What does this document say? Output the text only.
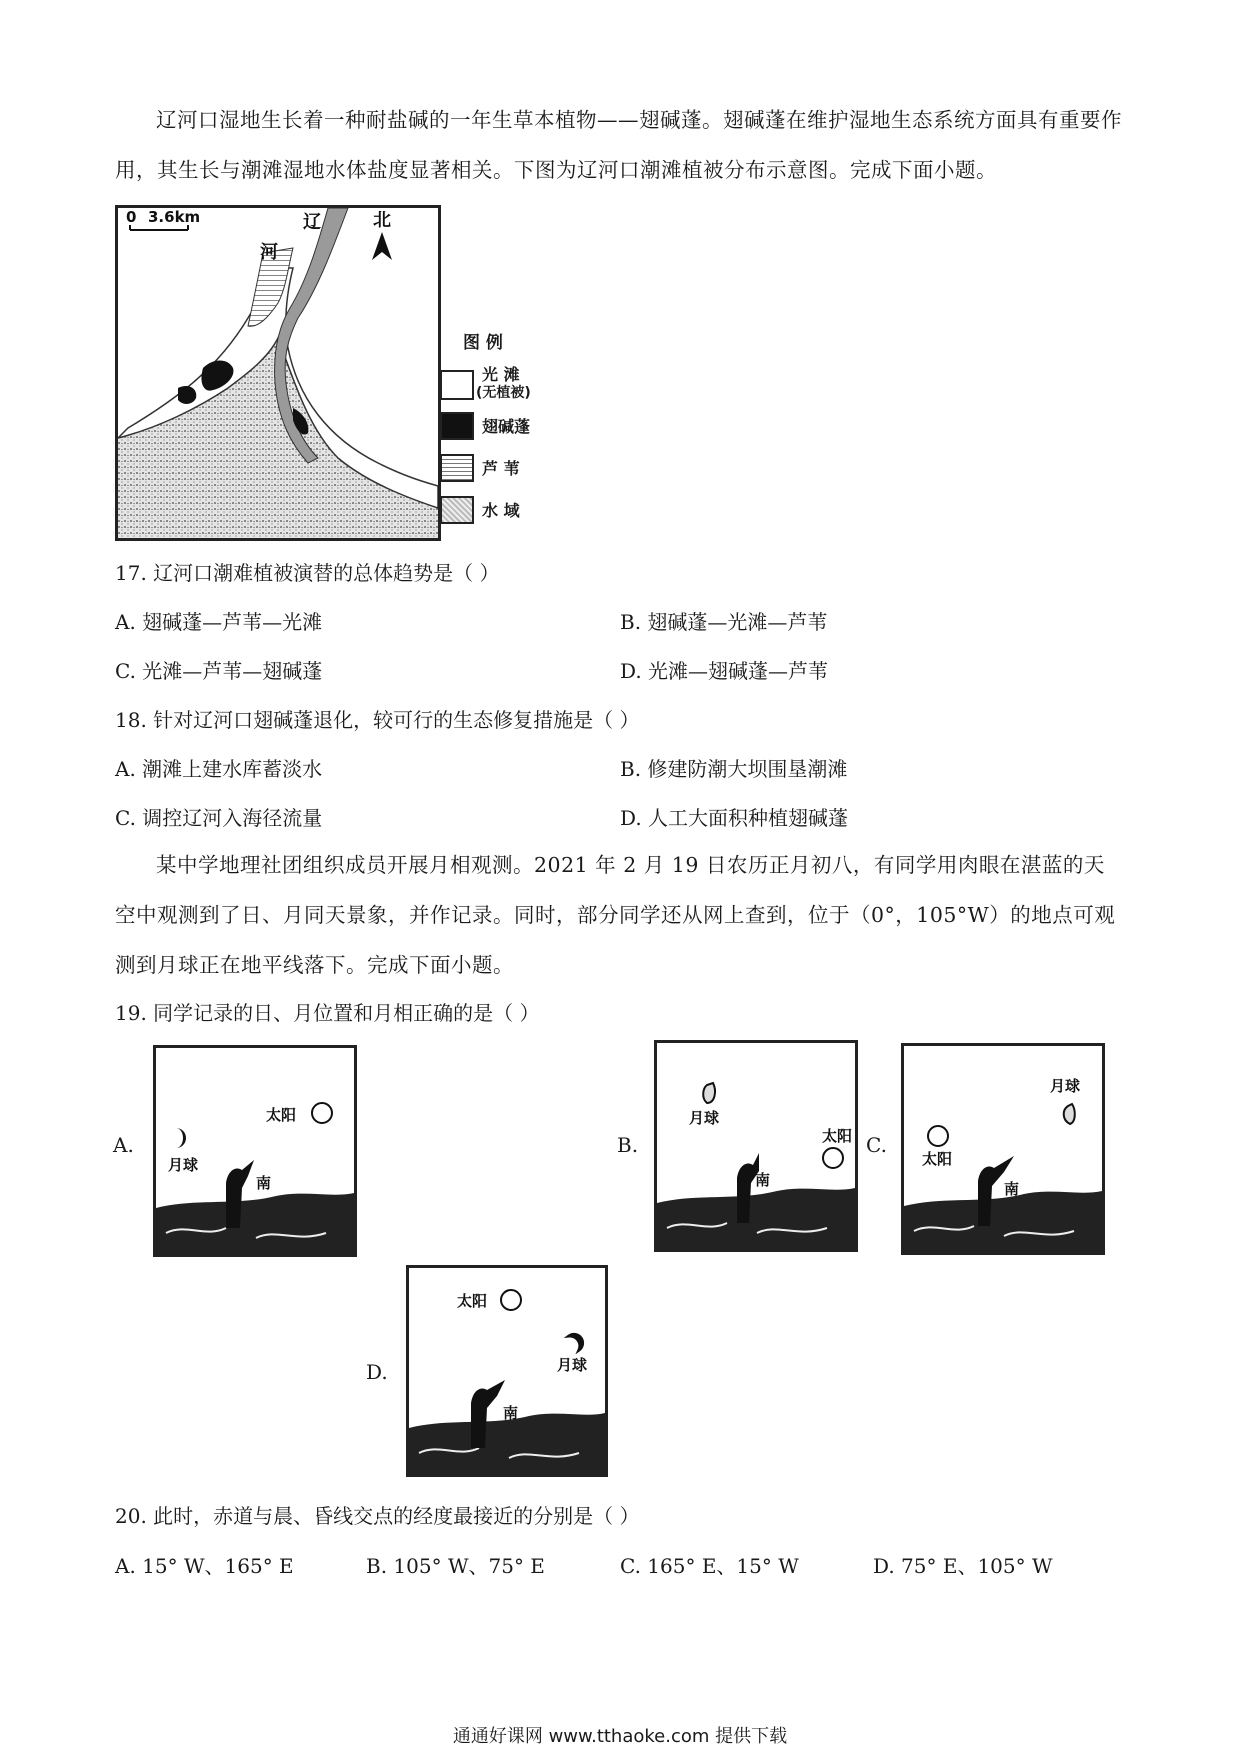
辽河口湿地生长着一种耐盐碱的一年生草本植物——翅碱蓬。翅碱蓬在维护湿地生态系统方面具有重要作用，其生长与潮滩湿地水体盐度显著相关。下图为辽河口潮滩植被分布示意图。完成下面小题。
0 3.6km	北
辽
河
图 例
光 滩
(无植被)
翅碱蓬
芦 苇
水 域
17. 辽河口潮难植被演替的总体趋势是（ ）
A. 翅碱蓬—芦苇—光滩	B. 翅碱蓬—光滩—芦苇
C. 光滩—芦苇—翅碱蓬	D. 光滩—翅碱蓬—芦苇
18. 针对辽河口翅碱蓬退化，较可行的生态修复措施是（ ）
A. 潮滩上建水库蓄淡水	B. 修建防潮大坝围垦潮滩
C. 调控辽河入海径流量	D. 人工大面积种植翅碱蓬
某中学地理社团组织成员开展月相观测。2021 年 2 月 19 日农历正月初八，有同学用肉眼在湛蓝的天空中观测到了日、月同天景象，并作记录。同时，部分同学还从网上查到，位于（0°，105°W）的地点可观测到月球正在地平线落下。完成下面小题。
19. 同学记录的日、月位置和月相正确的是（ ）
A.
太阳
月球
南
B.	太阳
月球
南
C.
太阳
月球
南
D.
太阳
月球
南
20. 此时，赤道与晨、昏线交点的经度最接近的分别是（ ）
A. 15° W、165° E	B. 105° W、75° E	C. 165° E、15° W	D. 75° E、105° W
通通好课网 www.tthaoke.com 提供下载
